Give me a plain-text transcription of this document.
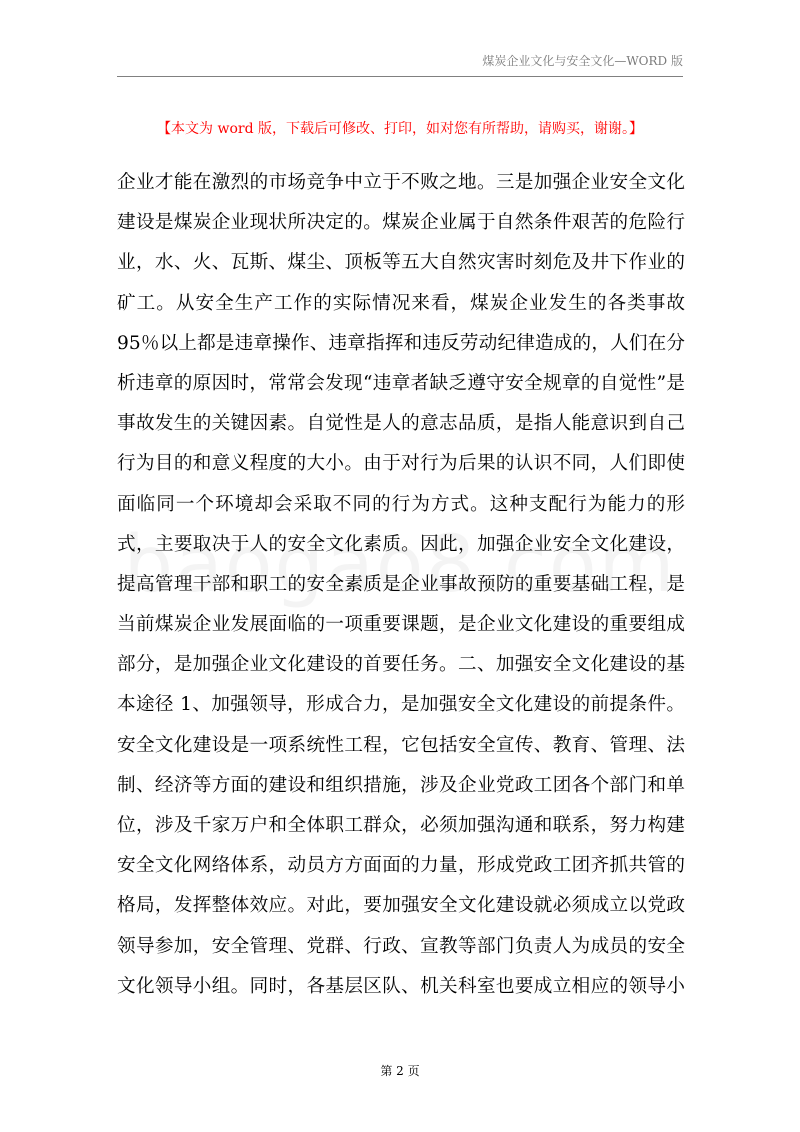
煤炭企业文化与安全文化—WORD 版
【本文为 word 版，下载后可修改、打印，如对您有所帮助，请购买，谢谢。】
企业才能在激烈的市场竞争中立于不败之地。三是加强企业安全文化
建设是煤炭企业现状所决定的。煤炭企业属于自然条件艰苦的危险行
业，水、火、瓦斯、煤尘、顶板等五大自然灾害时刻危及井下作业的
矿工。从安全生产工作的实际情况来看，煤炭企业发生的各类事故
95％以上都是违章操作、违章指挥和违反劳动纪律造成的，人们在分
析违章的原因时，常常会发现“违章者缺乏遵守安全规章的自觉性”是
事故发生的关键因素。自觉性是人的意志品质，是指人能意识到自己
行为目的和意义程度的大小。由于对行为后果的认识不同，人们即使
面临同一个环境却会采取不同的行为方式。这种支配行为能力的形
式，主要取决于人的安全文化素质。因此，加强企业安全文化建设，
提高管理干部和职工的安全素质是企业事故预防的重要基础工程，是
当前煤炭企业发展面临的一项重要课题，是企业文化建设的重要组成
部分，是加强企业文化建设的首要任务。二、加强安全文化建设的基
本途径 1、加强领导，形成合力，是加强安全文化建设的前提条件。
安全文化建设是一项系统性工程，它包括安全宣传、教育、管理、法
制、经济等方面的建设和组织措施，涉及企业党政工团各个部门和单
位，涉及千家万户和全体职工群众，必须加强沟通和联系，努力构建
安全文化网络体系，动员方方面面的力量，形成党政工团齐抓共管的
格局，发挥整体效应。对此，要加强安全文化建设就必须成立以党政
领导参加，安全管理、党群、行政、宣教等部门负责人为成员的安全
文化领导小组。同时，各基层区队、机关科室也要成立相应的领导小
第 2 页
